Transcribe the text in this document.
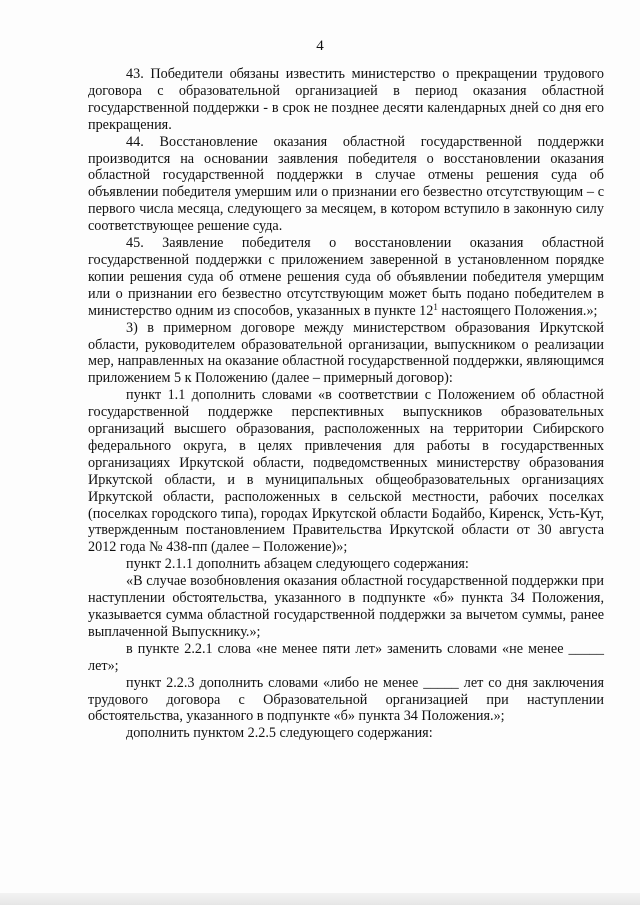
4

43. Победители обязаны известить министерство о прекращении трудового договора с образовательной организацией в период оказания областной государственной поддержки - в срок не позднее десяти календарных дней со дня его прекращения.

44. Восстановление оказания областной государственной поддержки производится на основании заявления победителя о восстановлении оказания областной государственной поддержки в случае отмены решения суда об объявлении победителя умершим или о признании его безвестно отсутствующим – с первого числа месяца, следующего за месяцем, в котором вступило в законную силу соответствующее решение суда.

45. Заявление победителя о восстановлении оказания областной государственной поддержки с приложением заверенной в установленном порядке копии решения суда об отмене решения суда об объявлении победителя умерщим или о признании его безвестно отсутствующим может быть подано победителем в министерство одним из способов, указанных в пункте $12^1$ настоящего Положения.»;

3) в примерном договоре между министерством образования Иркутской области, руководителем образовательной организации, выпускником о реализации мер, направленных на оказание областной государственной поддержки, являющимся приложением 5 к Положению (далее – примерный договор):

пункт 1.1 дополнить словами «в соответствии с Положением об областной государственной поддержке перспективных выпускников образовательных организаций высшего образования, расположенных на территории Сибирского федерального округа, в целях привлечения для работы в государственных организациях Иркутской области, подведомственных министерству образования Иркутской области, и в муниципальных общеобразовательных организациях Иркутской области, расположенных в сельской местности, рабочих поселках (поселках городского типа), городах Иркутской области Бодайбо, Киренск, Усть-Кут, утвержденным постановлением Правительства Иркутской области от 30 августа 2012 года № 438-пп (далее – Положение)»;

пункт 2.1.1 дополнить абзацем следующего содержания:

«В случае возобновления оказания областной государственной поддержки при наступлении обстоятельства, указанного в подпункте «б» пункта 34 Положения, указывается сумма областной государственной поддержки за вычетом суммы, ранее выплаченной Выпускнику.»;

в пункте 2.2.1 слова «не менее пяти лет» заменить словами «не менее _____ лет»;

пункт 2.2.3 дополнить словами «либо не менее _____ лет со дня заключения трудового договора с Образовательной организацией при наступлении обстоятельства, указанного в подпункте «б» пункта 34 Положения.»;

дополнить пунктом 2.2.5 следующего содержания:
